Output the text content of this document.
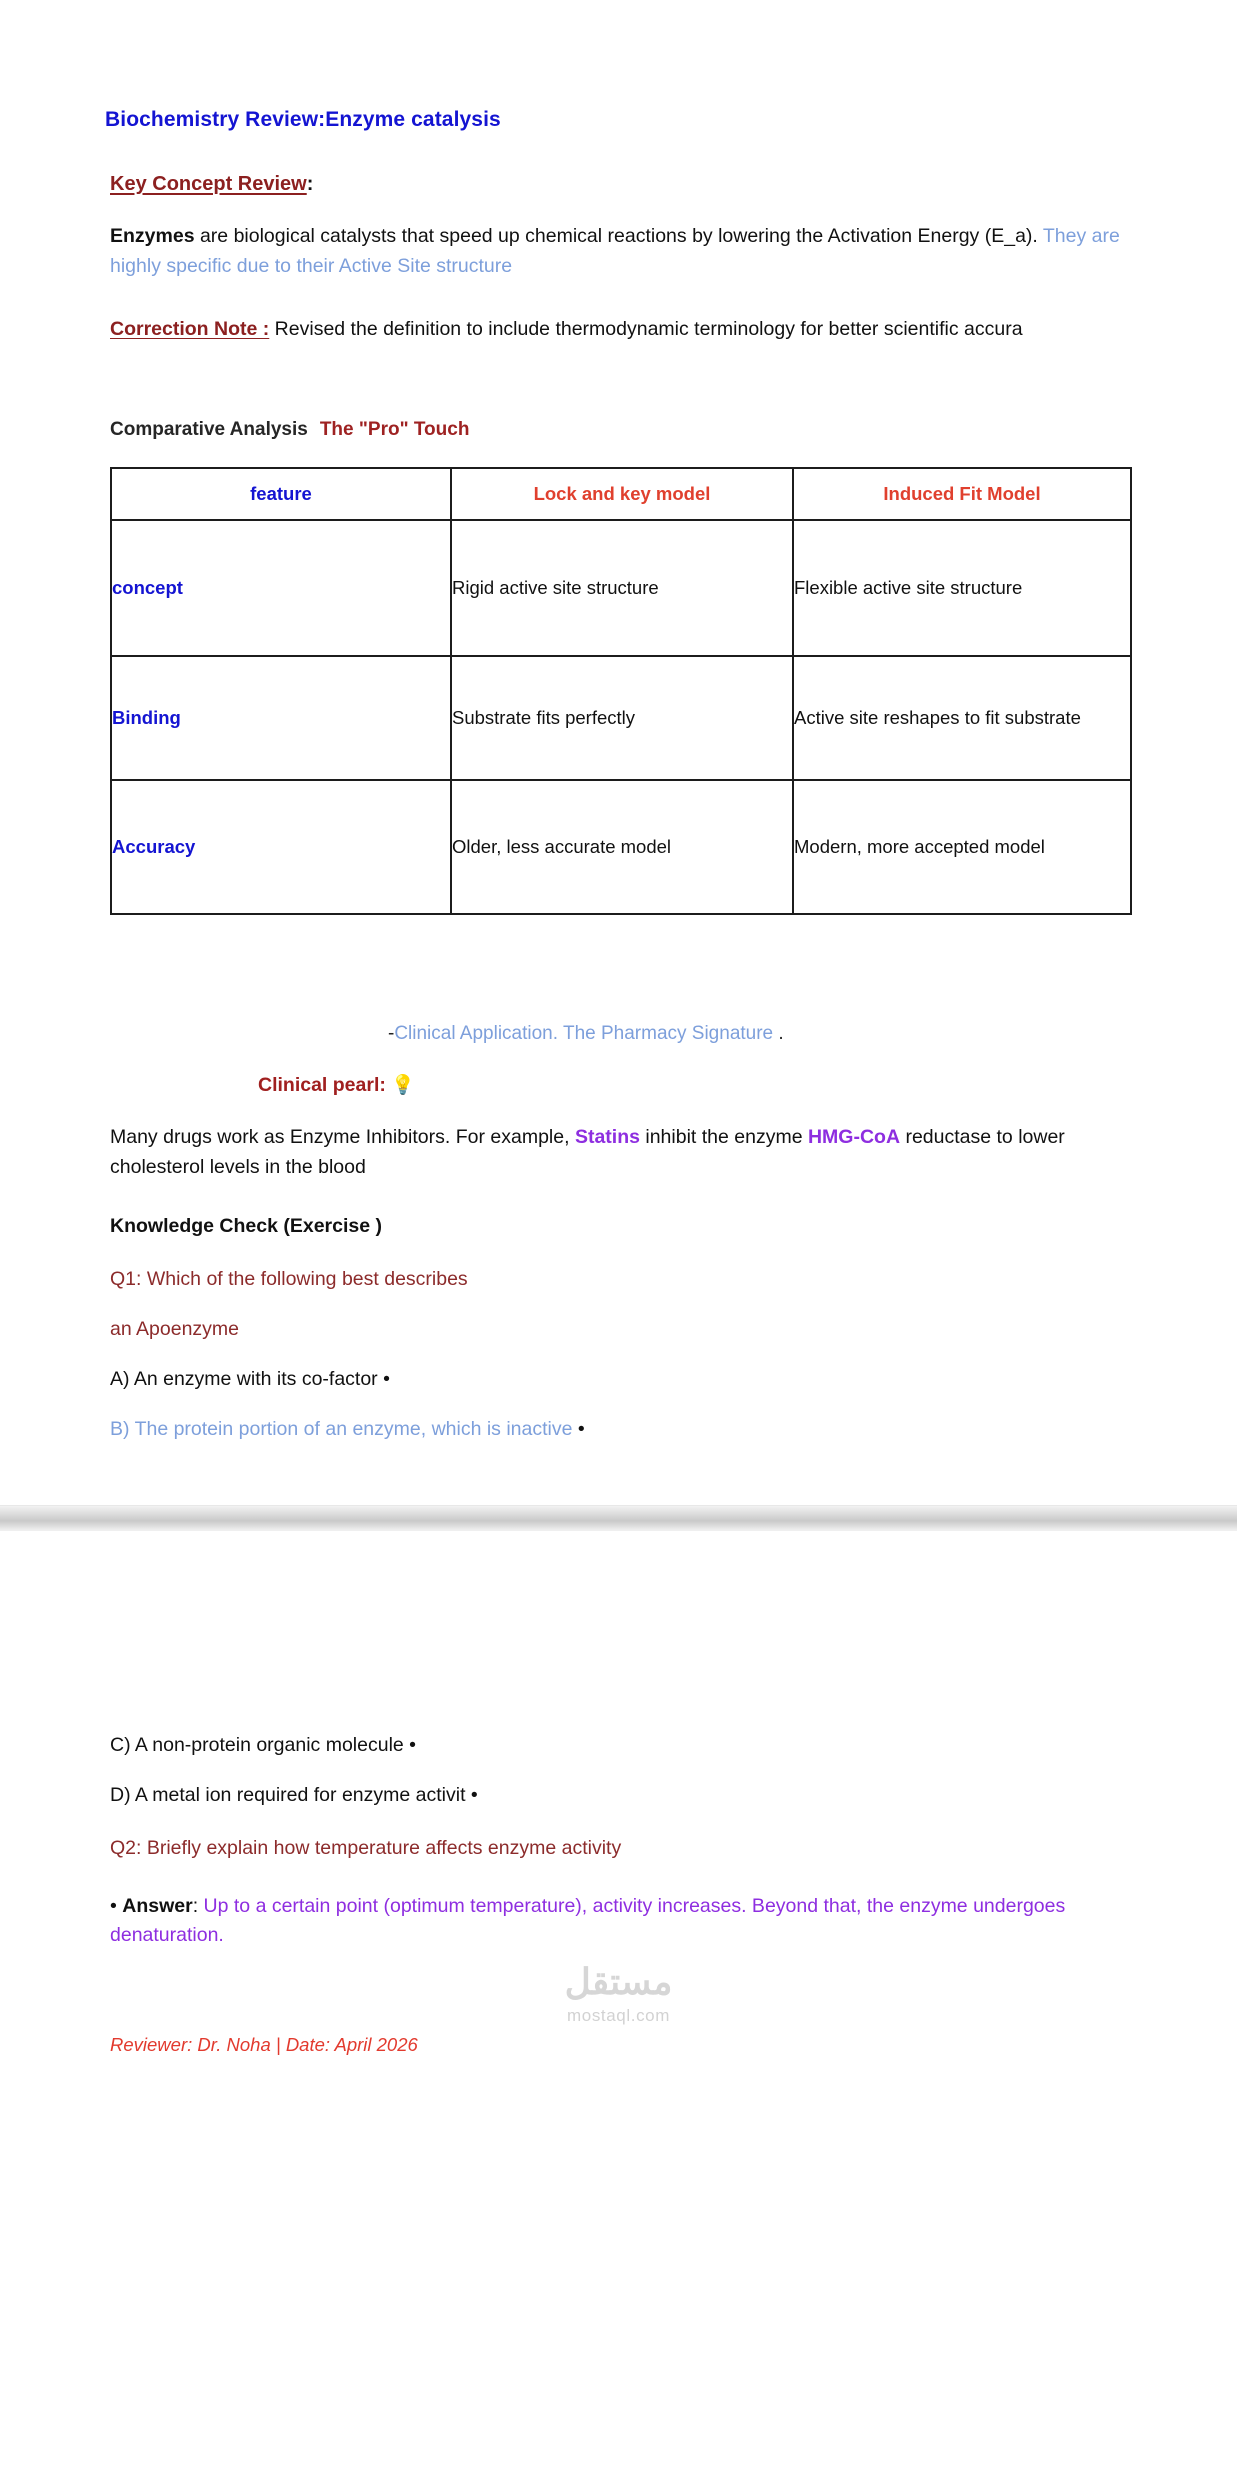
Biochemistry Review:Enzyme catalysis
Key Concept Review:
Enzymes are biological catalysts that speed up chemical reactions by lowering the Activation Energy (E_a). They are highly specific due to their Active Site structure
Correction Note : Revised the definition to include thermodynamic terminology for better scientific accura
Comparative Analysis The "Pro" Touch
feature	Lock and key model	Induced Fit Model
concept	Rigid active site structure	Flexible active site structure
Binding	Substrate fits perfectly	Active site reshapes to fit substrate
Accuracy	Older, less accurate model	Modern, more accepted model
-Clinical Application. The Pharmacy Signature .
Clinical pearl: 💡
Many drugs work as Enzyme Inhibitors. For example, Statins inhibit the enzyme HMG-CoA reductase to lower cholesterol levels in the blood
Knowledge Check (Exercise )
Q1: Which of the following best describes
an Apoenzyme
A) An enzyme with its co-factor •
B) The protein portion of an enzyme, which is inactive •
C) A non-protein organic molecule •
D) A metal ion required for enzyme activit •
Q2: Briefly explain how temperature affects enzyme activity
• Answer: Up to a certain point (optimum temperature), activity increases. Beyond that, the enzyme undergoes denaturation.
Reviewer: Dr. Noha | Date: April 2026
مستقل
mostaql.com
